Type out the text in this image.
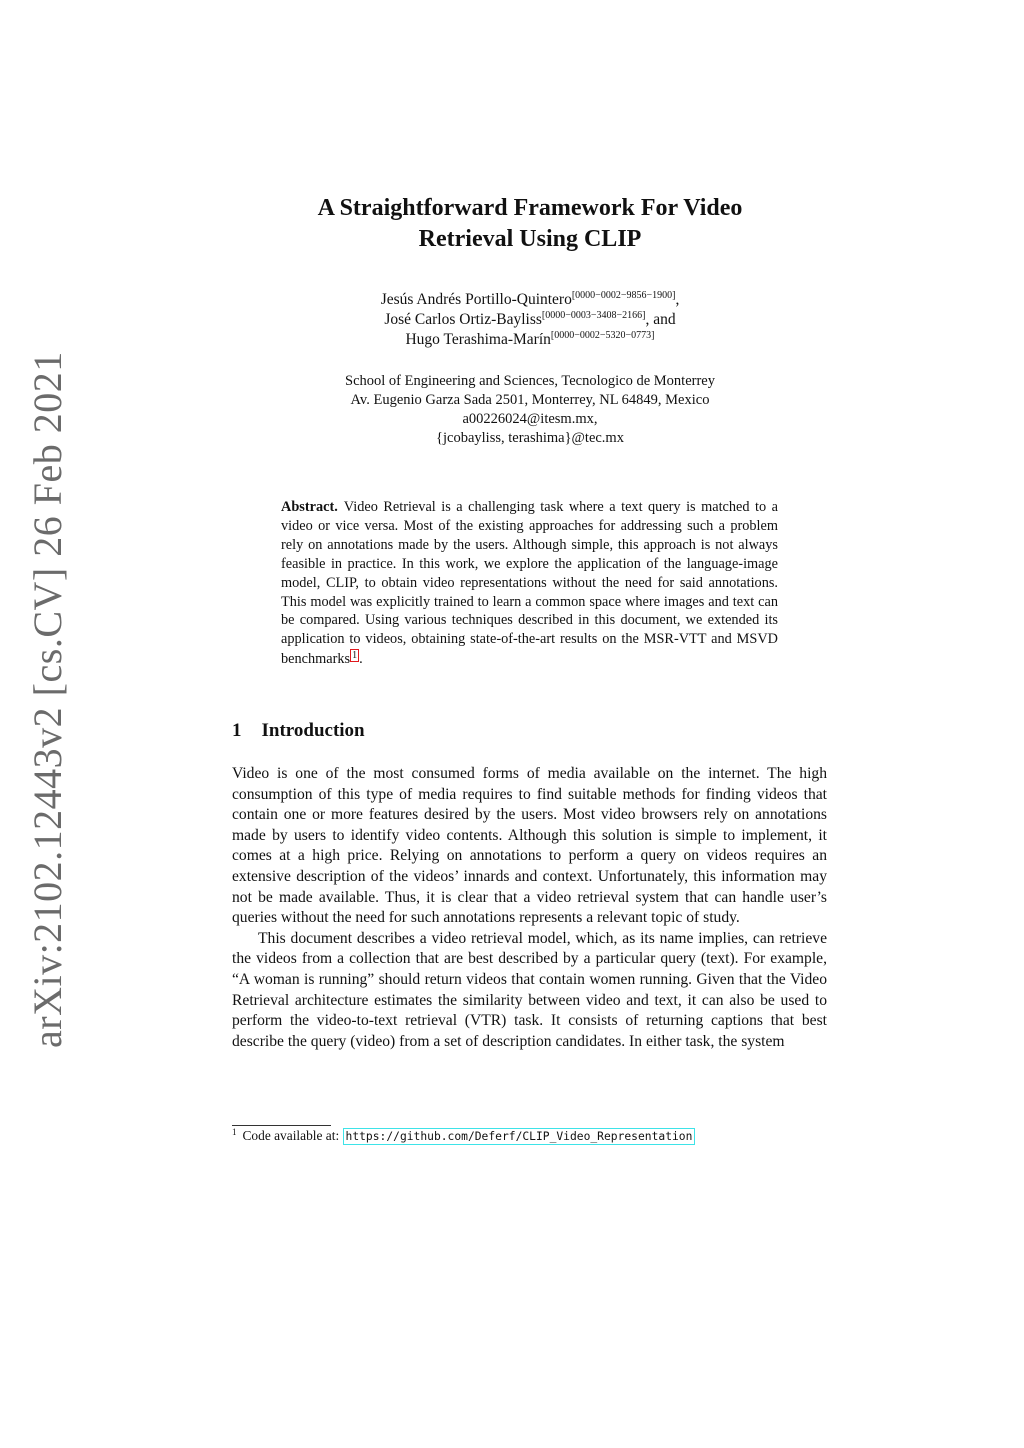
arXiv:2102.12443v2 [cs.CV] 26 Feb 2021
A Straightforward Framework For Video
Retrieval Using CLIP
Jesús Andrés Portillo-Quintero[0000−0002−9856−1900],
José Carlos Ortiz-Bayliss[0000−0003−3408−2166], and
Hugo Terashima-Marín[0000−0002−5320−0773]
School of Engineering and Sciences, Tecnologico de Monterrey
Av. Eugenio Garza Sada 2501, Monterrey, NL 64849, Mexico
a00226024@itesm.mx,
{jcobayliss, terashima}@tec.mx
Abstract. Video Retrieval is a challenging task where a text query is matched to a video or vice versa. Most of the existing approaches for addressing such a problem rely on annotations made by the users. Although simple, this approach is not always feasible in practice. In this work, we explore the application of the language-image model, CLIP, to obtain video representations without the need for said annotations. This model was explicitly trained to learn a common space where images and text can be compared. Using various techniques described in this document, we extended its application to videos, obtaining state-of-the-art results on the MSR-VTT and MSVD benchmarks 1 .
1 Introduction

Video is one of the most consumed forms of media available on the internet. The high consumption of this type of media requires to find suitable methods for finding videos that contain one or more features desired by the users. Most video browsers rely on annotations made by users to identify video contents. Although this solution is simple to implement, it comes at a high price. Relying on annotations to perform a query on videos requires an extensive description of the videos’ innards and context. Unfortunately, this information may not be made available. Thus, it is clear that a video retrieval system that can handle user’s queries without the need for such annotations represents a relevant topic of study.

This document describes a video retrieval model, which, as its name implies, can retrieve the videos from a collection that are best described by a particular query (text). For example, “A woman is running” should return videos that contain women running. Given that the Video Retrieval architecture estimates the similarity between video and text, it can also be used to perform the video-to-text retrieval (VTR) task. It consists of returning captions that best describe the query (video) from a set of description candidates. In either task, the system

$^1$ Code available at: https://github.com/Deferf/CLIP_Video_Representation
